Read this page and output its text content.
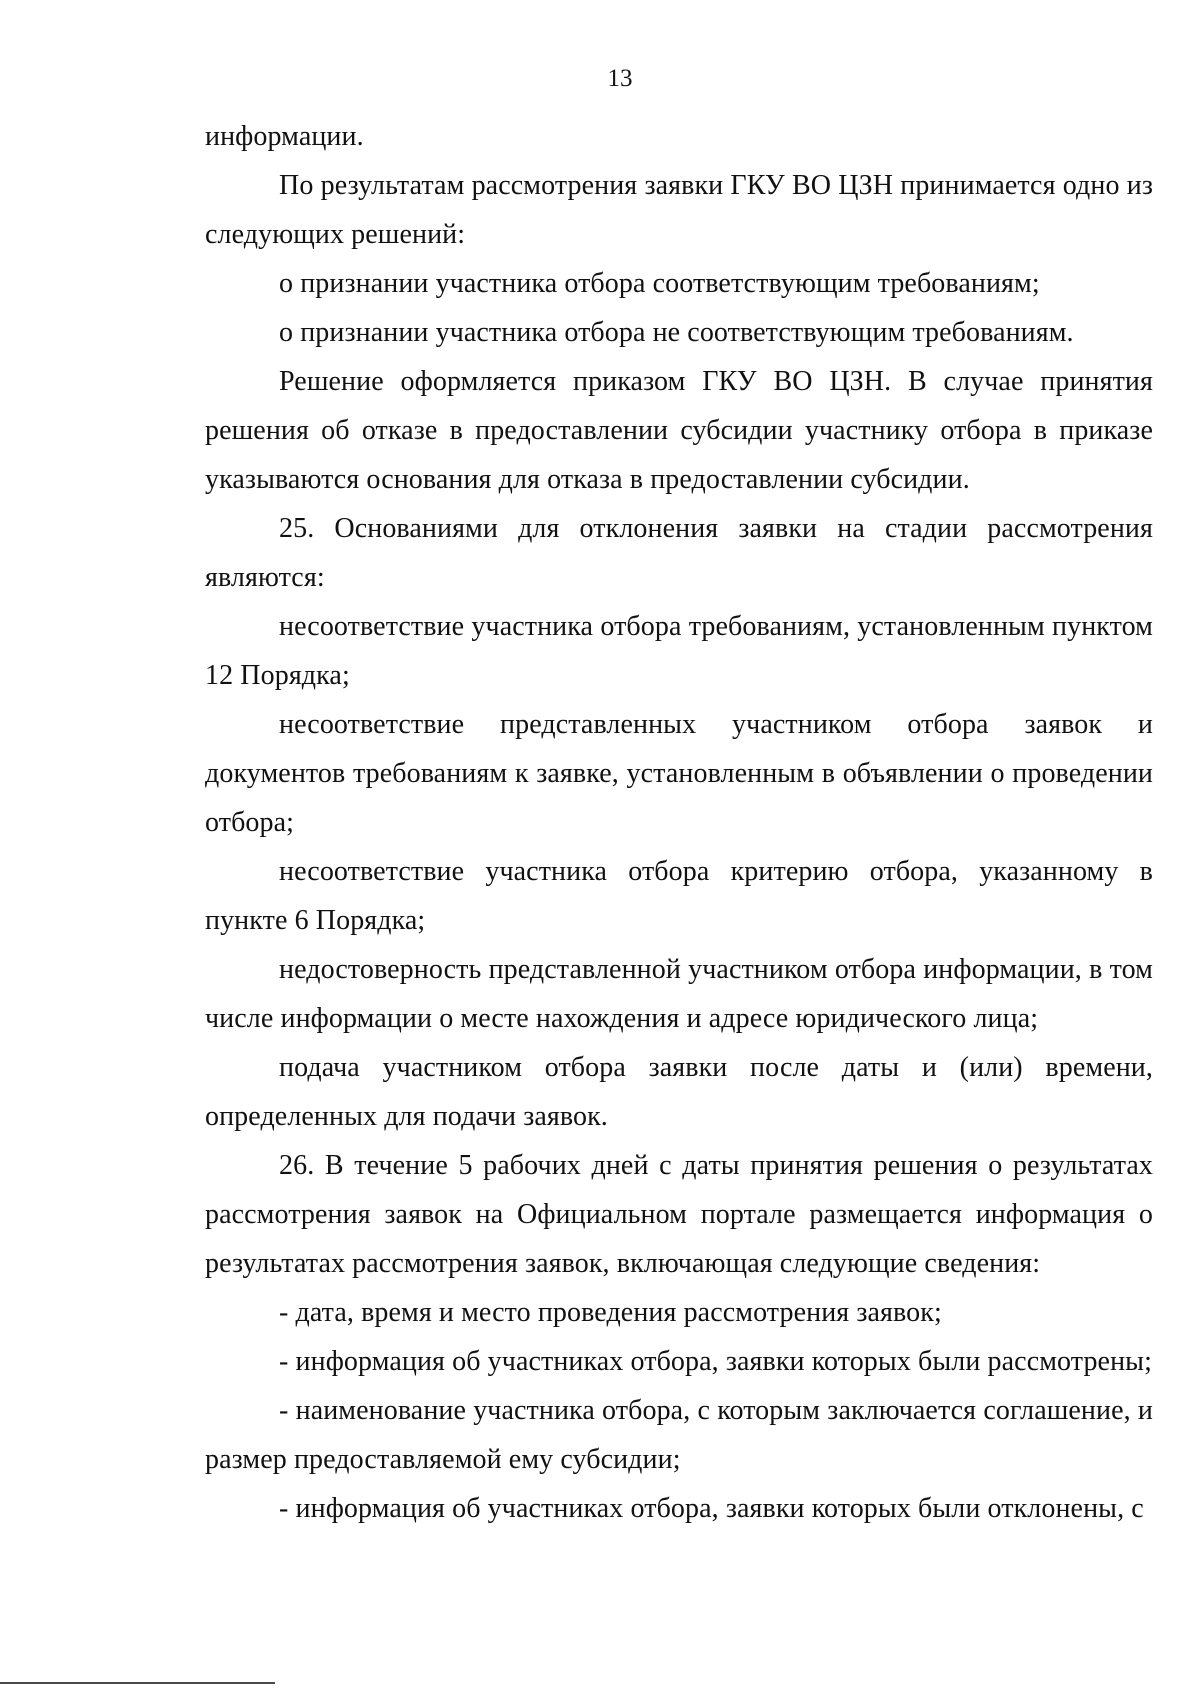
13

информации.

По результатам рассмотрения заявки ГКУ ВО ЦЗН принимается одно из следующих решений:

о признании участника отбора соответствующим требованиям;

о признании участника отбора не соответствующим требованиям.

Решение оформляется приказом ГКУ ВО ЦЗН. В случае принятия решения об отказе в предоставлении субсидии участнику отбора в приказе указываются основания для отказа в предоставлении субсидии.

25. Основаниями для отклонения заявки на стадии рассмотрения являются:

несоответствие участника отбора требованиям, установленным пунктом 12 Порядка;

несоответствие представленных участником отбора заявок и документов требованиям к заявке, установленным в объявлении о проведении отбора;

несоответствие участника отбора критерию отбора, указанному в пункте 6 Порядка;

недостоверность представленной участником отбора информации, в том числе информации о месте нахождения и адресе юридического лица;

подача участником отбора заявки после даты и (или) времени, определенных для подачи заявок.

26. В течение 5 рабочих дней с даты принятия решения о результатах рассмотрения заявок на Официальном портале размещается информация о результатах рассмотрения заявок, включающая следующие сведения:

- дата, время и место проведения рассмотрения заявок;

- информация об участниках отбора, заявки которых были рассмотрены;

- наименование участника отбора, с которым заключается соглашение, и размер предоставляемой ему субсидии;

- информация об участниках отбора, заявки которых были отклонены, с
